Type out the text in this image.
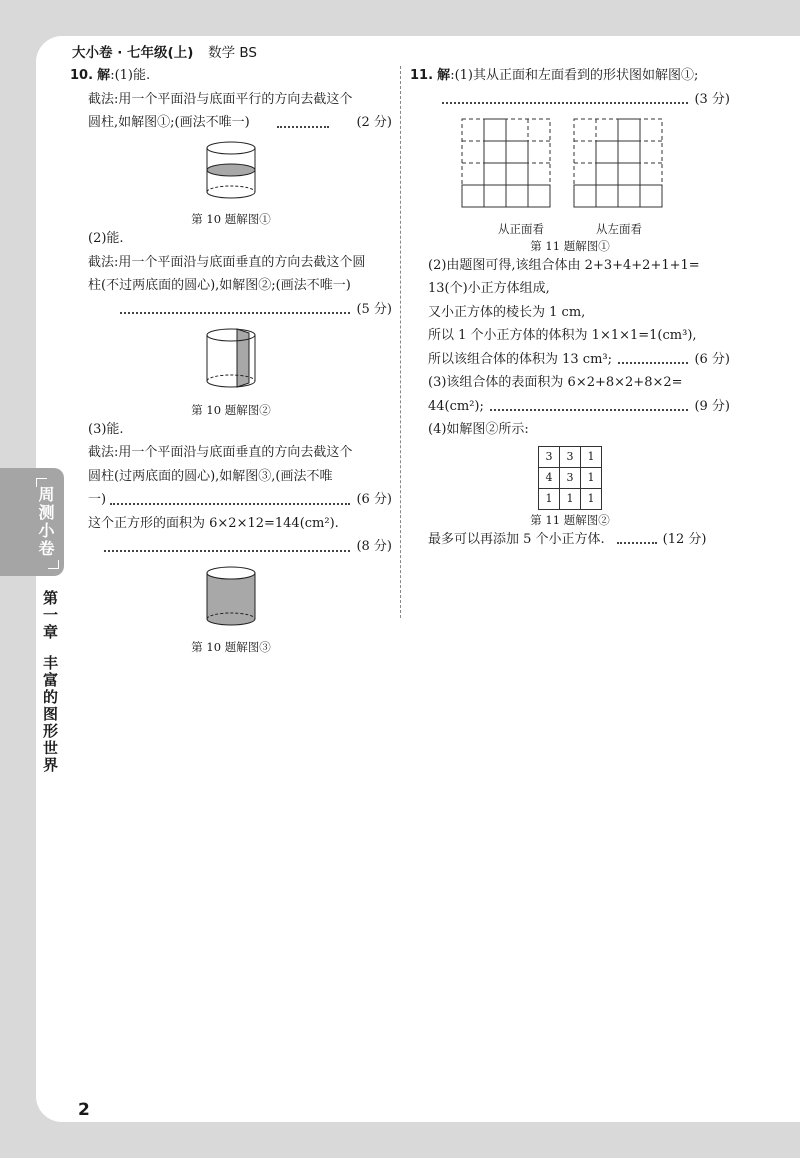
大小卷 · 七年级(上) 数学 BS
10. 解:(1)能.
截法:用一个平面沿与底面平行的方向去截这个
圆柱,如解图①;(画法不唯一)	(2 分)
第 10 题解图①
(2)能.
截法:用一个平面沿与底面垂直的方向去截这个圆
柱(不过两底面的圆心),如解图②;(画法不唯一)
(5 分)
第 10 题解图②
(3)能.
截法:用一个平面沿与底面垂直的方向去截这个
圆柱(过两底面的圆心),如解图③,(画法不唯
一)	(6 分)
这个正方形的面积为 6×2×12=144(cm²).
(8 分)
第 10 题解图③
11. 解:(1)其从正面和左面看到的形状图如解图①;
(3 分)
从正面看	从左面看
第 11 题解图①
(2)由题图可得,该组合体由 2+3+4+2+1+1=
13(个)小正方体组成,
又小正方体的棱长为 1 cm,
所以 1 个小正方体的体积为 1×1×1=1(cm³),
所以该组合体的体积为 13 cm³;	(6 分)
(3)该组合体的表面积为 6×2+8×2+8×2=
44(cm²);	(9 分)
(4)如解图②所示:
3	3	1
4	3	1
1	1	1
第 11 题解图②
最多可以再添加 5 个小正方体.	(12 分)
周测小卷
第一章丰富的图形世界
2
